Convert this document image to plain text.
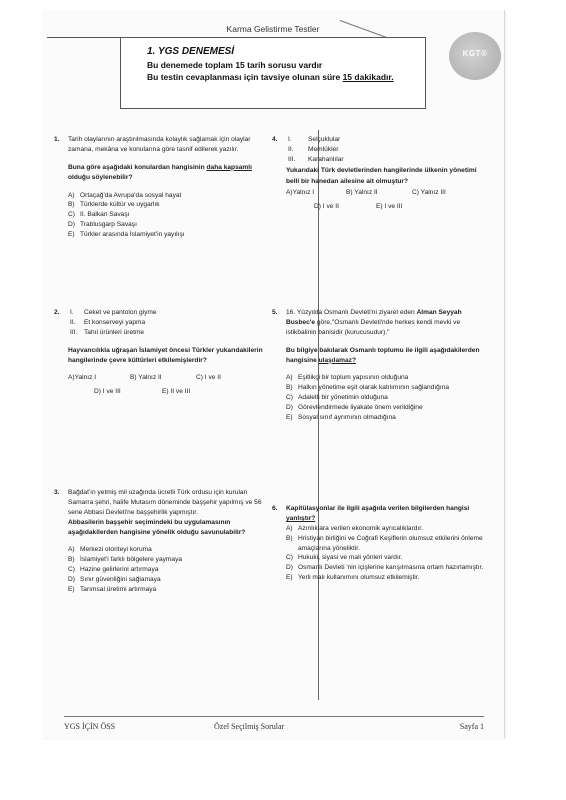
Karma Gelistirme Testler
KGT®
1. YGS DENEMESİ
Bu denemede toplam 15 tarih sorusu vardır
Bu testin cevaplanması için tavsiye olunan süre 15 dakikadır.
1. Tarih olaylarının araştırılmasında kolaylık sağlamak için olaylar zamana, mekâna ve konularına göre tasnif edilerek yazılır.

Buna göre aşağıdaki konulardan hangisinin daha kapsamlı olduğu söylenebilir?

A) Ortaçağ'da Avrupa'da sosyal hayat
B) Türklerde kültür ve uygarlık
C) II. Balkan Savaşı
D) Trablusgarp Savaşı
E) Türkler arasında İslamiyet'in yayılışı
2.	I.	Ceket ve pantolon giyme
II.	Et konserveyi yapma
III.	Tahıl ürünleri üretme

Hayvancılıkla uğraşan İslamiyet öncesi Türkler yukarıdakilerin hangilerinde çevre kültürleri etkilemişlerdir?

A)Yalnız I	B) Yalnız II	C) I ve II
D) I ve III	E) II ve III
3. Bağdat'ın yetmiş mil uzağında ücretli Türk ordusu için kurulan Samarra şehri, halife Mutasım döneminde başşehir yapılmış ve 56 sene Abbasi Devleti'ne başşehirlik yapmıştır.

Abbasilerin başşehir seçimindeki bu uygulamasının aşağıdakilerden hangisine yönelik olduğu savunulabilir?

A) Merkezi otoriteyi koruma
B) İslamiyet'i farklı bölgelere yaymaya
C) Hazine gelirlerini artırmaya
D) Sınır güvenliğini sağlamaya
E) Tarımsal üretimi artırmaya
4.	I.	Selçuklular
II.	Memlükler
III.	Karahanlılar

Yukarıdaki Türk devletlerinden hangilerinde ülkenin yönetimi belli bir hanedan ailesine ait olmuştur?

A)Yalnız I	B) Yalnız II	C) Yalnız III
D) I ve II	E) I ve III
5. 16. Yüzyılda Osmanlı Devleti'ni ziyaret eden Alman Seyyah Busbec'e göre,"Osmanlı Devleti'nde herkes kendi mevki ve istikbalinin banisidir (kurucusudur)."

Bu bilgiye bakılarak Osmanlı toplumu ile ilgili aşağıdakilerden hangisine ulaşılamaz?

A) Eşitlikçi bir toplum yapısının olduğuna
B) Halkın yönetime eşit olarak katılımının sağlandığına
C) Adaletli bir yönetimin olduğuna
D) Görevlendirmede liyakate önem verildiğine
E) Sosyal sınıf ayrımının olmadığına
6. Kapitülasyonlar ile ilgili aşağıda verilen bilgilerden hangisi yanlıştır?

A) Azınlıklara verilen ekonomik ayrıcalıklardır.
B) Hristiyan birliğini ve Coğrafi Keşiflerin olumsuz etkilerini önleme amaçlarına yöneliktir.
C) Hukuki, siyasi ve mali yönleri vardır.
D) Osmanlı Devleti 'nin içişlerine karışılmasına ortam hazırlamıştır.
E) Yerli malı kullanımını olumsuz etkilemiştir.
YGS İÇİN ÖSS	Özel Seçilmiş Sorular	Sayfa 1
